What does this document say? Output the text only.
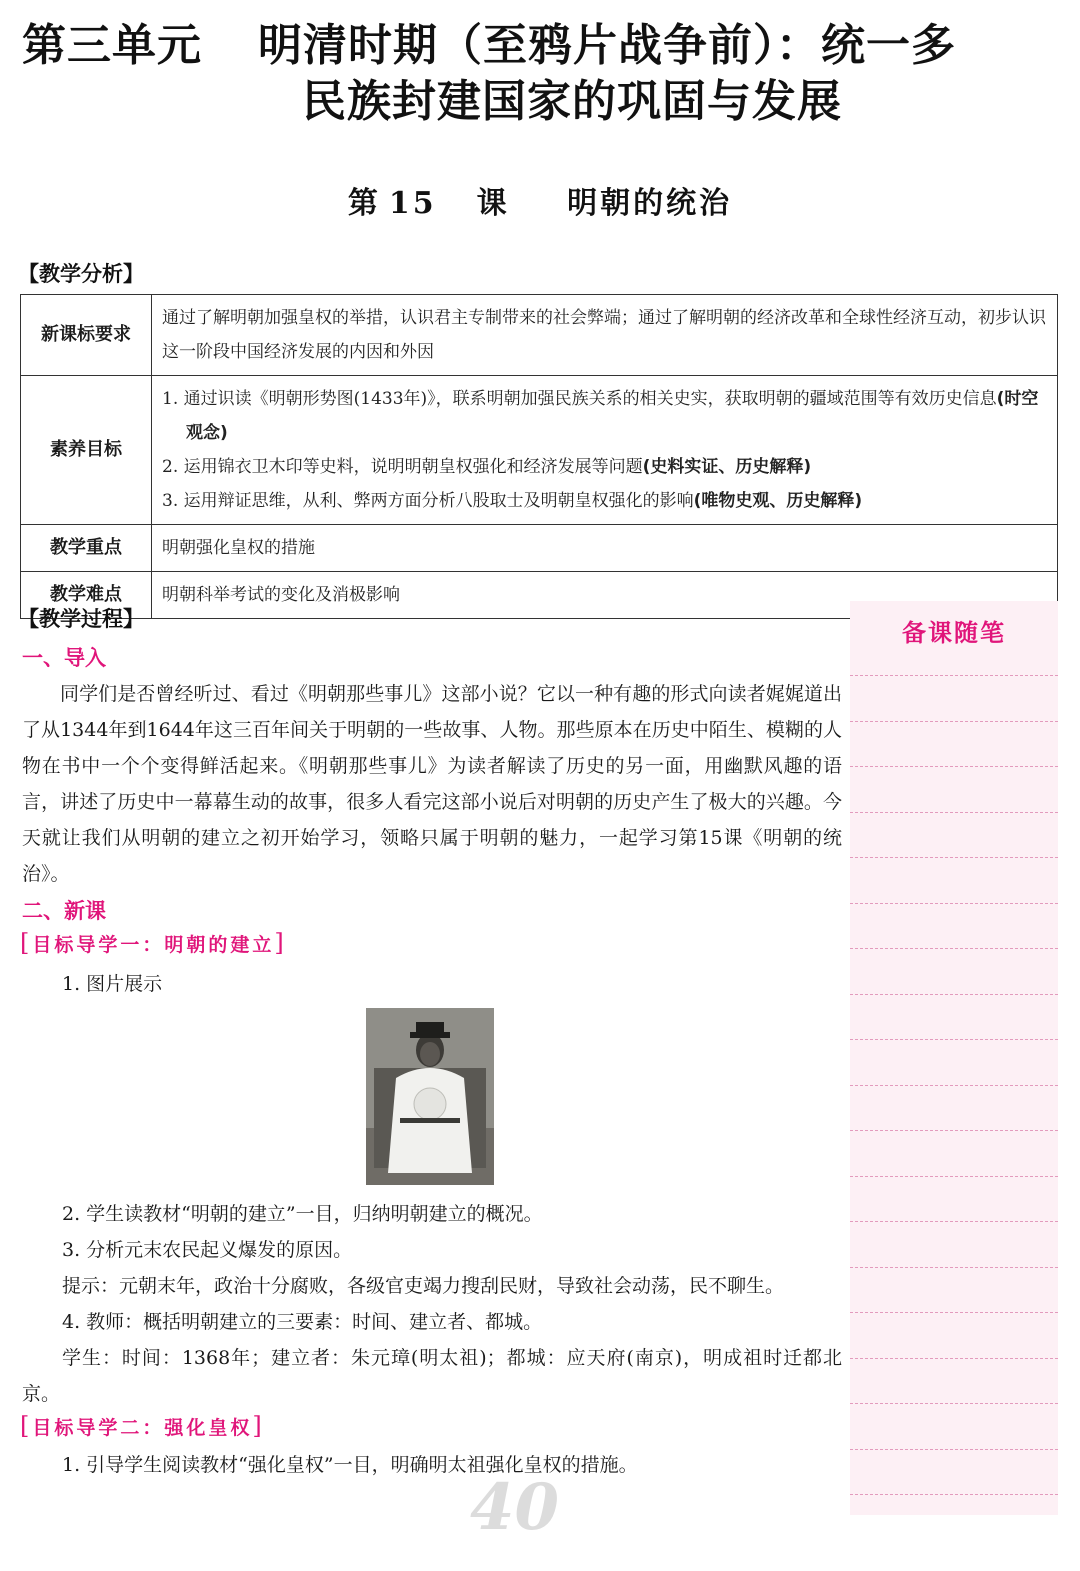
第三单元 明清时期（至鸦片战争前）：统一多
民族封建国家的巩固与发展
第 15 课 明朝的统治
【教学分析】
新课标要求	通过了解明朝加强皇权的举措，认识君主专制带来的社会弊端；通过了解明朝的经济改革和全球性经济互动，初步认识这一阶段中国经济发展的内因和外因
素养目标	1. 通过识读《明朝形势图(1433年)》，联系明朝加强民族关系的相关史实，获取明朝的疆域范围等有效历史信息(时空观念)
2. 运用锦衣卫木印等史料，说明明朝皇权强化和经济发展等问题(史料实证、历史解释)
3. 运用辩证思维，从利、弊两方面分析八股取士及明朝皇权强化的影响(唯物史观、历史解释)

教学重点	明朝强化皇权的措施
教学难点	明朝科举考试的变化及消极影响
备课随笔
【教学过程】
一、导入
同学们是否曾经听过、看过《明朝那些事儿》这部小说？它以一种有趣的形式向读者娓娓道出了从1344年到1644年这三百年间关于明朝的一些故事、人物。那些原本在历史中陌生、模糊的人物在书中一个个变得鲜活起来。《明朝那些事儿》为读者解读了历史的另一面，用幽默风趣的语言，讲述了历史中一幕幕生动的故事，很多人看完这部小说后对明朝的历史产生了极大的兴趣。今天就让我们从明朝的建立之初开始学习，领略只属于明朝的魅力，一起学习第15课《明朝的统治》。
二、新课
[目标导学一：明朝的建立]
1. 图片展示
2. 学生读教材“明朝的建立”一目，归纳明朝建立的概况。
3. 分析元末农民起义爆发的原因。
提示：元朝末年，政治十分腐败，各级官吏竭力搜刮民财，导致社会动荡，民不聊生。
4. 教师：概括明朝建立的三要素：时间、建立者、都城。
学生：时间：1368年；建立者：朱元璋(明太祖)；都城：应天府(南京)，明成祖时迁都北京。
[目标导学二：强化皇权]
1. 引导学生阅读教材“强化皇权”一目，明确明太祖强化皇权的措施。
40
